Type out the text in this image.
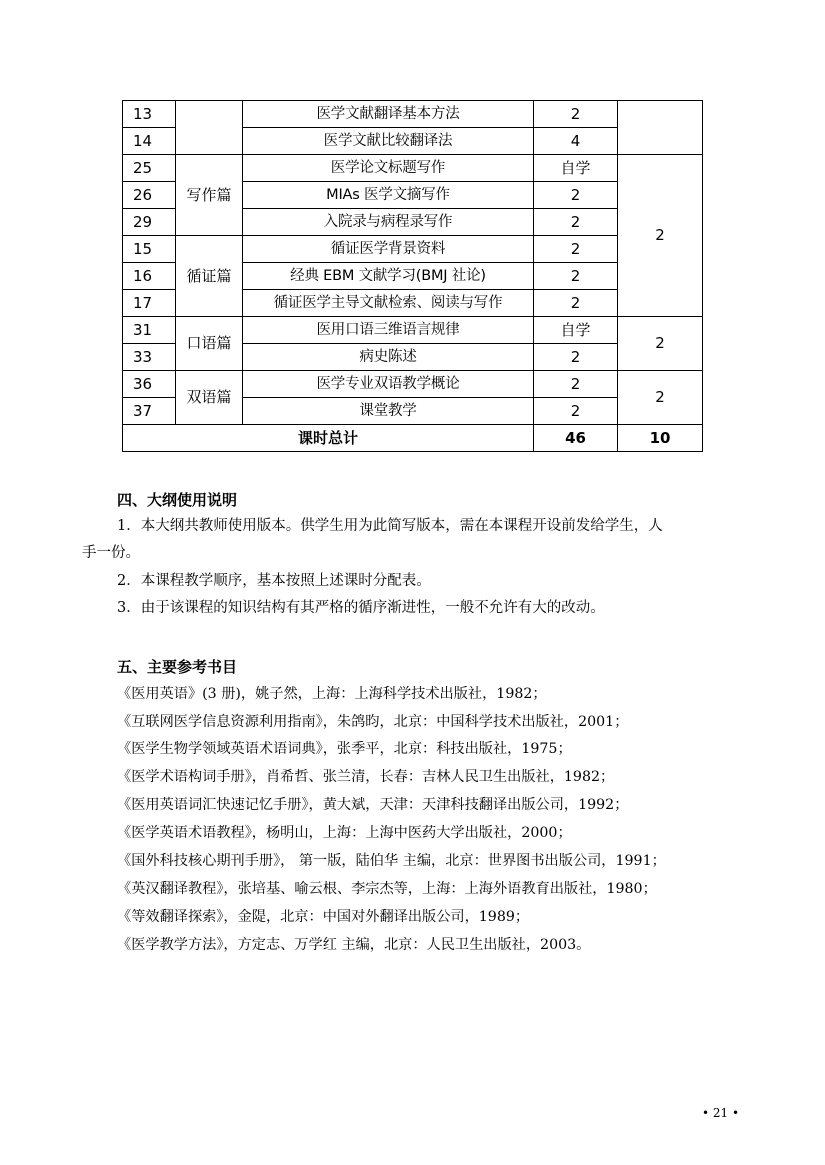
13		医学文献翻译基本方法	2	
14		医学文献比较翻译法	4	
25	写作篇	医学论文标题写作	自学	2
26		MIAs 医学文摘写作	2	
29		入院录与病程录写作	2	
15	循证篇	循证医学背景资料	2	
16		经典 EBM 文献学习(BMJ 社论)	2	
17		循证医学主导文献检索、阅读与写作	2	
31	口语篇	医用口语三维语言规律	自学	2
33		病史陈述	2	
36	双语篇	医学专业双语教学概论	2	2
37		课堂教学	2	
课时总计			46	10
四、大纲使用说明
1．本大纲共教师使用版本。供学生用为此简写版本，需在本课程开设前发给学生，人
手一份。
2．本课程教学顺序，基本按照上述课时分配表。
3．由于该课程的知识结构有其严格的循序渐进性，一般不允许有大的改动。
五、主要参考书目
《医用英语》(3 册)，姚子然，上海：上海科学技术出版社，1982；
《互联网医学信息资源利用指南》，朱鸽昀，北京：中国科学技术出版社，2001；
《医学生物学领域英语术语词典》，张季平，北京：科技出版社，1975；
《医学术语构词手册》，肖希哲、张兰清，长春：吉林人民卫生出版社，1982；
《医用英语词汇快速记忆手册》，黄大斌，天津：天津科技翻译出版公司，1992；
《医学英语术语教程》，杨明山，上海：上海中医药大学出版社，2000；
《国外科技核心期刊手册》， 第一版，陆伯华 主编，北京：世界图书出版公司，1991；
《英汉翻译教程》，张培基、喻云根、李宗杰等，上海：上海外语教育出版社，1980；
《等效翻译探索》，金隄，北京：中国对外翻译出版公司，1989；
《医学教学方法》，方定志、万学红 主编，北京：人民卫生出版社，2003。
• 21 •
